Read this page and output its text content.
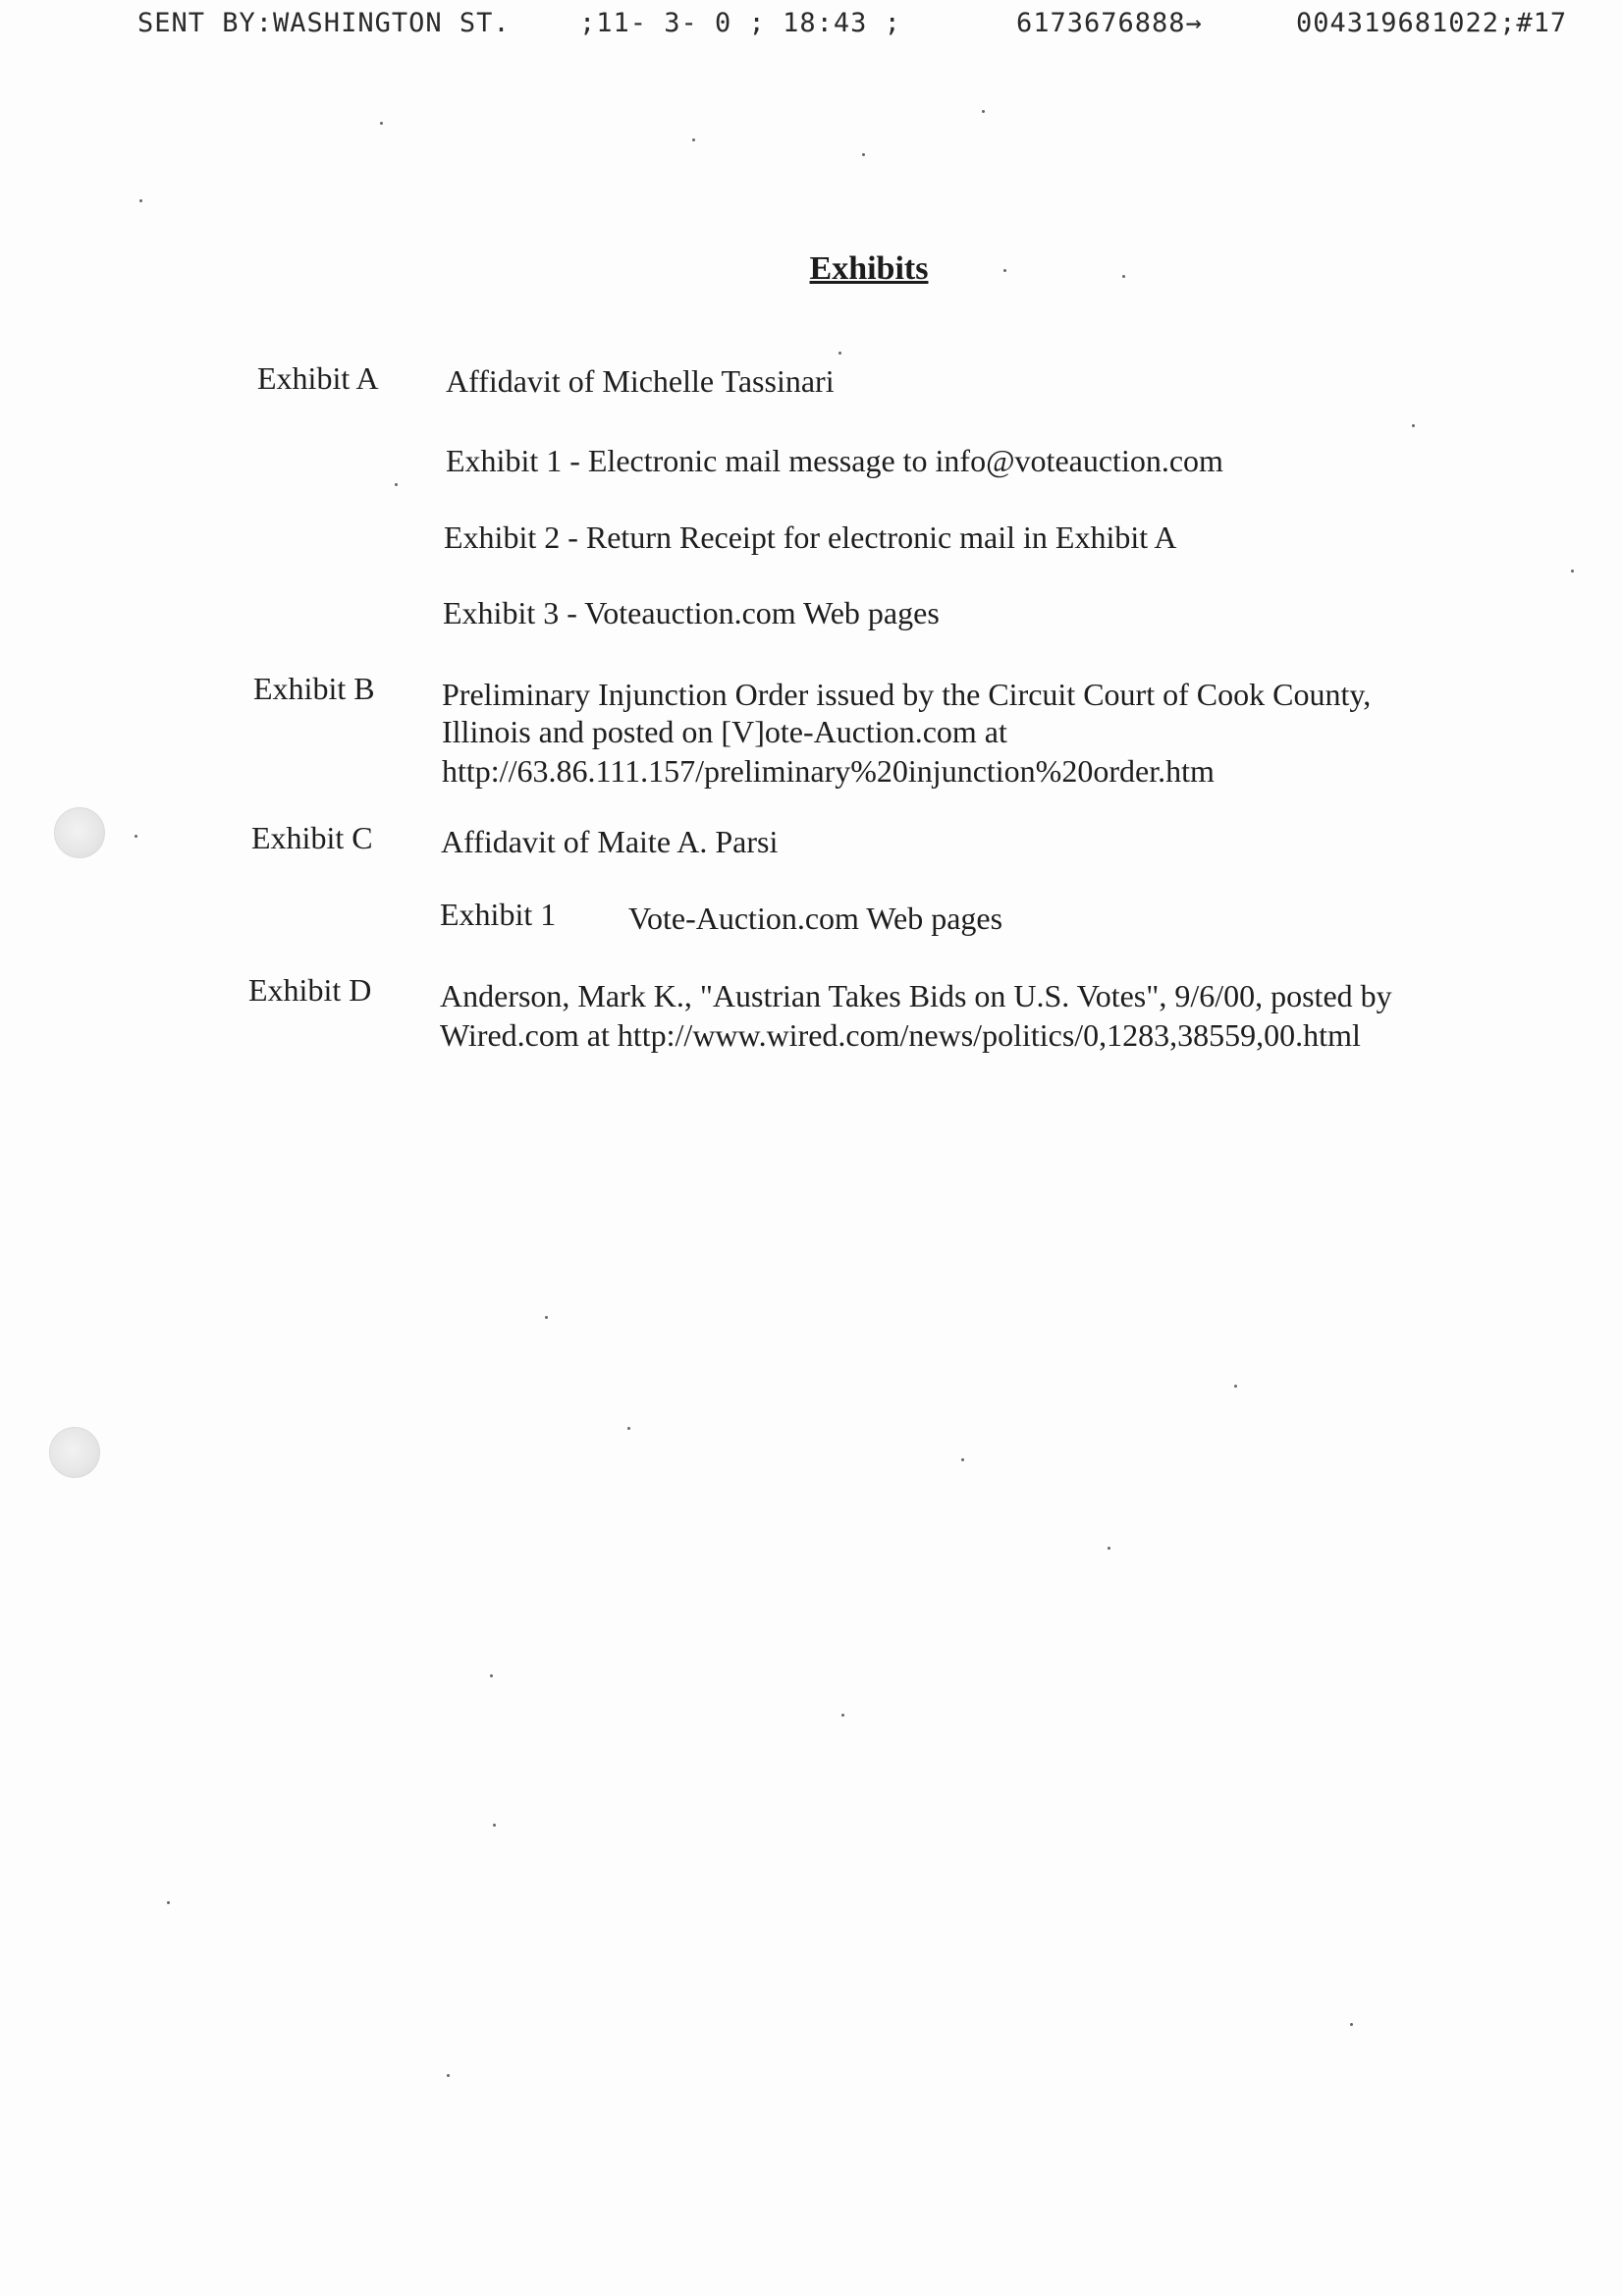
SENT BY:WASHINGTON ST.	;11- 3- 0 ; 18:43 ;	6173676888→	004319681022;#17
Exhibits
Exhibit A Affidavit of Michelle Tassinari
Exhibit 1 - Electronic mail message to info@voteauction.com
Exhibit 2 - Return Receipt for electronic mail in Exhibit A
Exhibit 3 - Voteauction.com Web pages
Exhibit B Preliminary Injunction Order issued by the Circuit Court of Cook County,
Illinois and posted on [V]ote-Auction.com at
http://63.86.111.157/preliminary%20injunction%20order.htm
Exhibit C Affidavit of Maite A. Parsi
Exhibit 1 Vote-Auction.com Web pages
Exhibit D Anderson, Mark K., "Austrian Takes Bids on U.S. Votes", 9/6/00, posted by
Wired.com at http://www.wired.com/news/politics/0,1283,38559,00.html
